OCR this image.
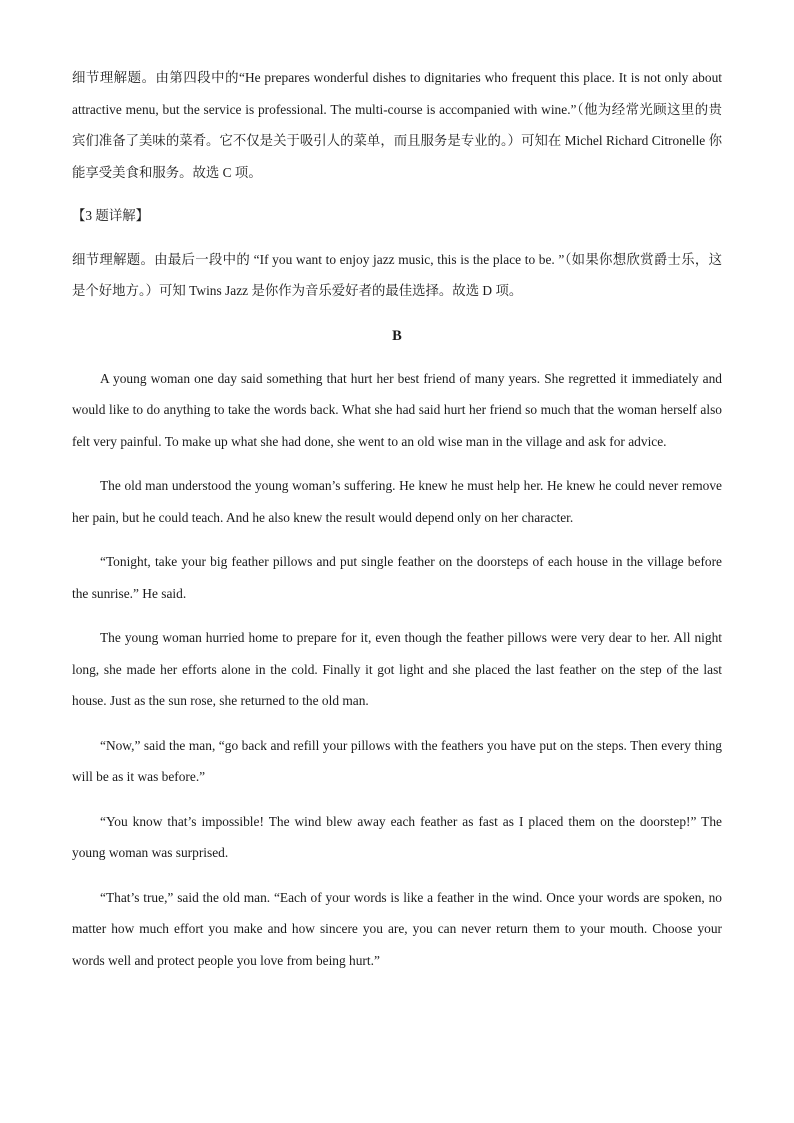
细节理解题。由第四段中的“He prepares wonderful dishes to dignitaries who frequent this place. It is not only about attractive menu, but the service is professional. The multi-course is accompanied with wine.”（他为经常光顾这里的贵宾们准备了美味的菜肴。它不仅是关于吸引人的菜单，而且服务是专业的。）可知在 Michel Richard Citronelle 你能享受美食和服务。故选 C 项。

【3 题详解】

细节理解题。由最后一段中的 “If you want to enjoy jazz music, this is the place to be. ”（如果你想欣赏爵士乐，这是个好地方。）可知 Twins Jazz 是你作为音乐爱好者的最佳选择。故选 D 项。

B

A young woman one day said something that hurt her best friend of many years. She regretted it immediately and would like to do anything to take the words back. What she had said hurt her friend so much that the woman herself also felt very painful. To make up what she had done, she went to an old wise man in the village and ask for advice.

The old man understood the young woman’s suffering. He knew he must help her. He knew he could never remove her pain, but he could teach. And he also knew the result would depend only on her character.

“Tonight, take your big feather pillows and put single feather on the doorsteps of each house in the village before the sunrise.” He said.

The young woman hurried home to prepare for it, even though the feather pillows were very dear to her. All night long, she made her efforts alone in the cold. Finally it got light and she placed the last feather on the step of the last house. Just as the sun rose, she returned to the old man.

“Now,” said the man, “go back and refill your pillows with the feathers you have put on the steps. Then every thing will be as it was before.”

“You know that’s impossible! The wind blew away each feather as fast as I placed them on the doorstep!” The young woman was surprised.

“That’s true,” said the old man. “Each of your words is like a feather in the wind. Once your words are spoken, no matter how much effort you make and how sincere you are, you can never return them to your mouth. Choose your words well and protect people you love from being hurt.”
